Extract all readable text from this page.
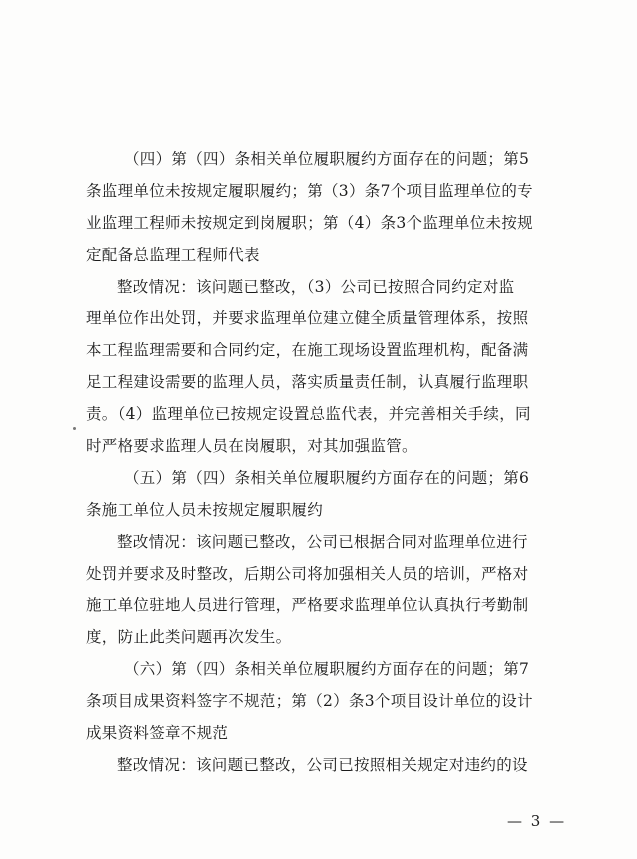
（四）第（四）条相关单位履职履约方面存在的问题；第5
条监理单位未按规定履职履约；第（3）条7个项目监理单位的专
业监理工程师未按规定到岗履职；第（4）条3个监理单位未按规
定配备总监理工程师代表
整改情况：该问题已整改，（3）公司已按照合同约定对监
理单位作出处罚，并要求监理单位建立健全质量管理体系，按照
本工程监理需要和合同约定，在施工现场设置监理机构，配备满
足工程建设需要的监理人员，落实质量责任制，认真履行监理职
责。（4）监理单位已按规定设置总监代表，并完善相关手续，同
时严格要求监理人员在岗履职，对其加强监管。
（五）第（四）条相关单位履职履约方面存在的问题；第6
条施工单位人员未按规定履职履约
整改情况：该问题已整改，公司已根据合同对监理单位进行
处罚并要求及时整改，后期公司将加强相关人员的培训，严格对
施工单位驻地人员进行管理，严格要求监理单位认真执行考勤制
度，防止此类问题再次发生。
（六）第（四）条相关单位履职履约方面存在的问题；第7
条项目成果资料签字不规范；第（2）条3个项目设计单位的设计
成果资料签章不规范
整改情况：该问题已整改，公司已按照相关规定对违约的设
— 3 —
